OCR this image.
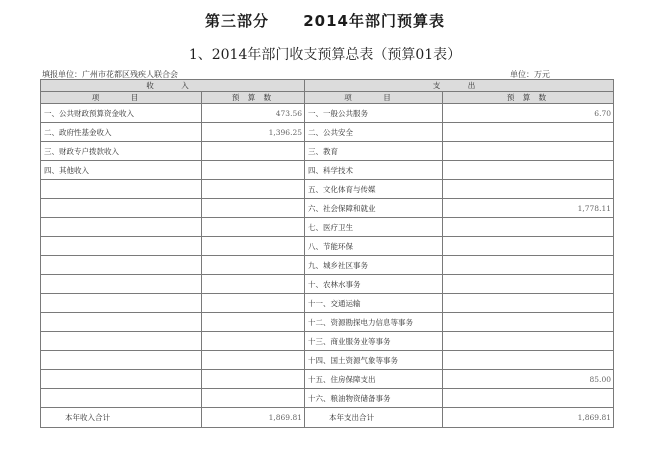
第三部分 2014年部门预算表
1、2014年部门收支预算总表（预算01表）
填报单位：广州市花都区残疾人联合会	单位：万元
收　入		支　出	
项　目	预 算 数	项　目	预 算 数
一、公共财政预算资金收入	473.56	一、一般公共服务	6.70
二、政府性基金收入	1,396.25	二、公共安全	
三、财政专户拨款收入		三、教育	
四、其他收入		四、科学技术	
		五、文化体育与传媒	
		六、社会保障和就业	1,778.11
		七、医疗卫生	
		八、节能环保	
		九、城乡社区事务	
		十、农林水事务	
		十一、交通运输	
		十二、资源勘探电力信息等事务	
		十三、商业服务业等事务	
		十四、国土资源气象等事务	
		十五、住房保障支出	85.00
		十六、粮油物资储备事务	
本年收入合计	1,869.81	本年支出合计	1,869.81
